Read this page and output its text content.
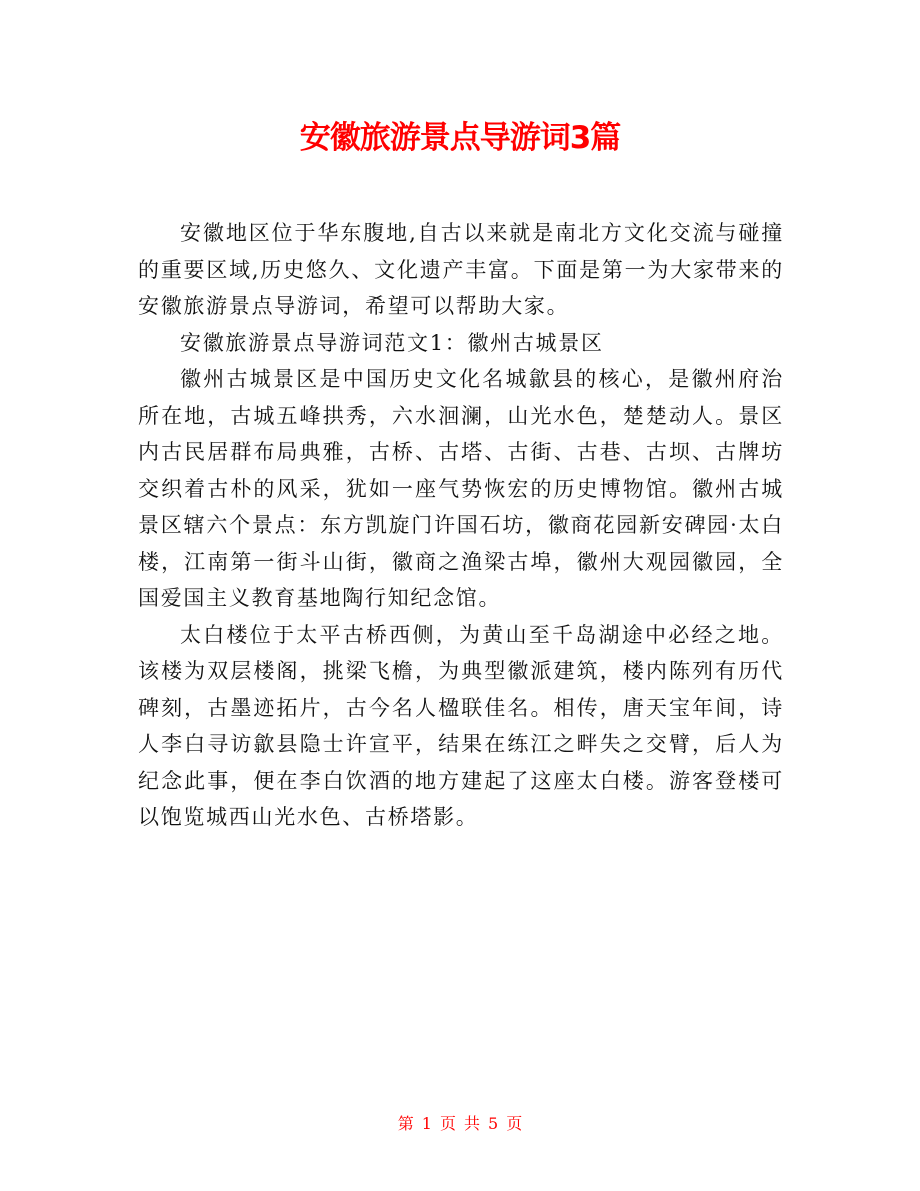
安徽旅游景点导游词3篇

安徽地区位于华东腹地,自古以来就是南北方文化交流与碰撞的重要区域,历史悠久、文化遗产丰富。下面是第一为大家带来的安徽旅游景点导游词，希望可以帮助大家。

安徽旅游景点导游词范文1：徽州古城景区

徽州古城景区是中国历史文化名城歙县的核心，是徽州府治所在地，古城五峰拱秀，六水洄澜，山光水色，楚楚动人。景区内古民居群布局典雅，古桥、古塔、古街、古巷、古坝、古牌坊交织着古朴的风采，犹如一座气势恢宏的历史博物馆。徽州古城景区辖六个景点：东方凯旋门许国石坊，徽商花园新安碑园·太白楼，江南第一街斗山街，徽商之渔梁古埠，徽州大观园徽园，全国爱国主义教育基地陶行知纪念馆。

太白楼位于太平古桥西侧，为黄山至千岛湖途中必经之地。该楼为双层楼阁，挑梁飞檐，为典型徽派建筑，楼内陈列有历代碑刻，古墨迹拓片，古今名人楹联佳名。相传，唐天宝年间，诗人李白寻访歙县隐士许宣平，结果在练江之畔失之交臂，后人为纪念此事，便在李白饮酒的地方建起了这座太白楼。游客登楼可以饱览城西山光水色、古桥塔影。

第 1 页 共 5 页
